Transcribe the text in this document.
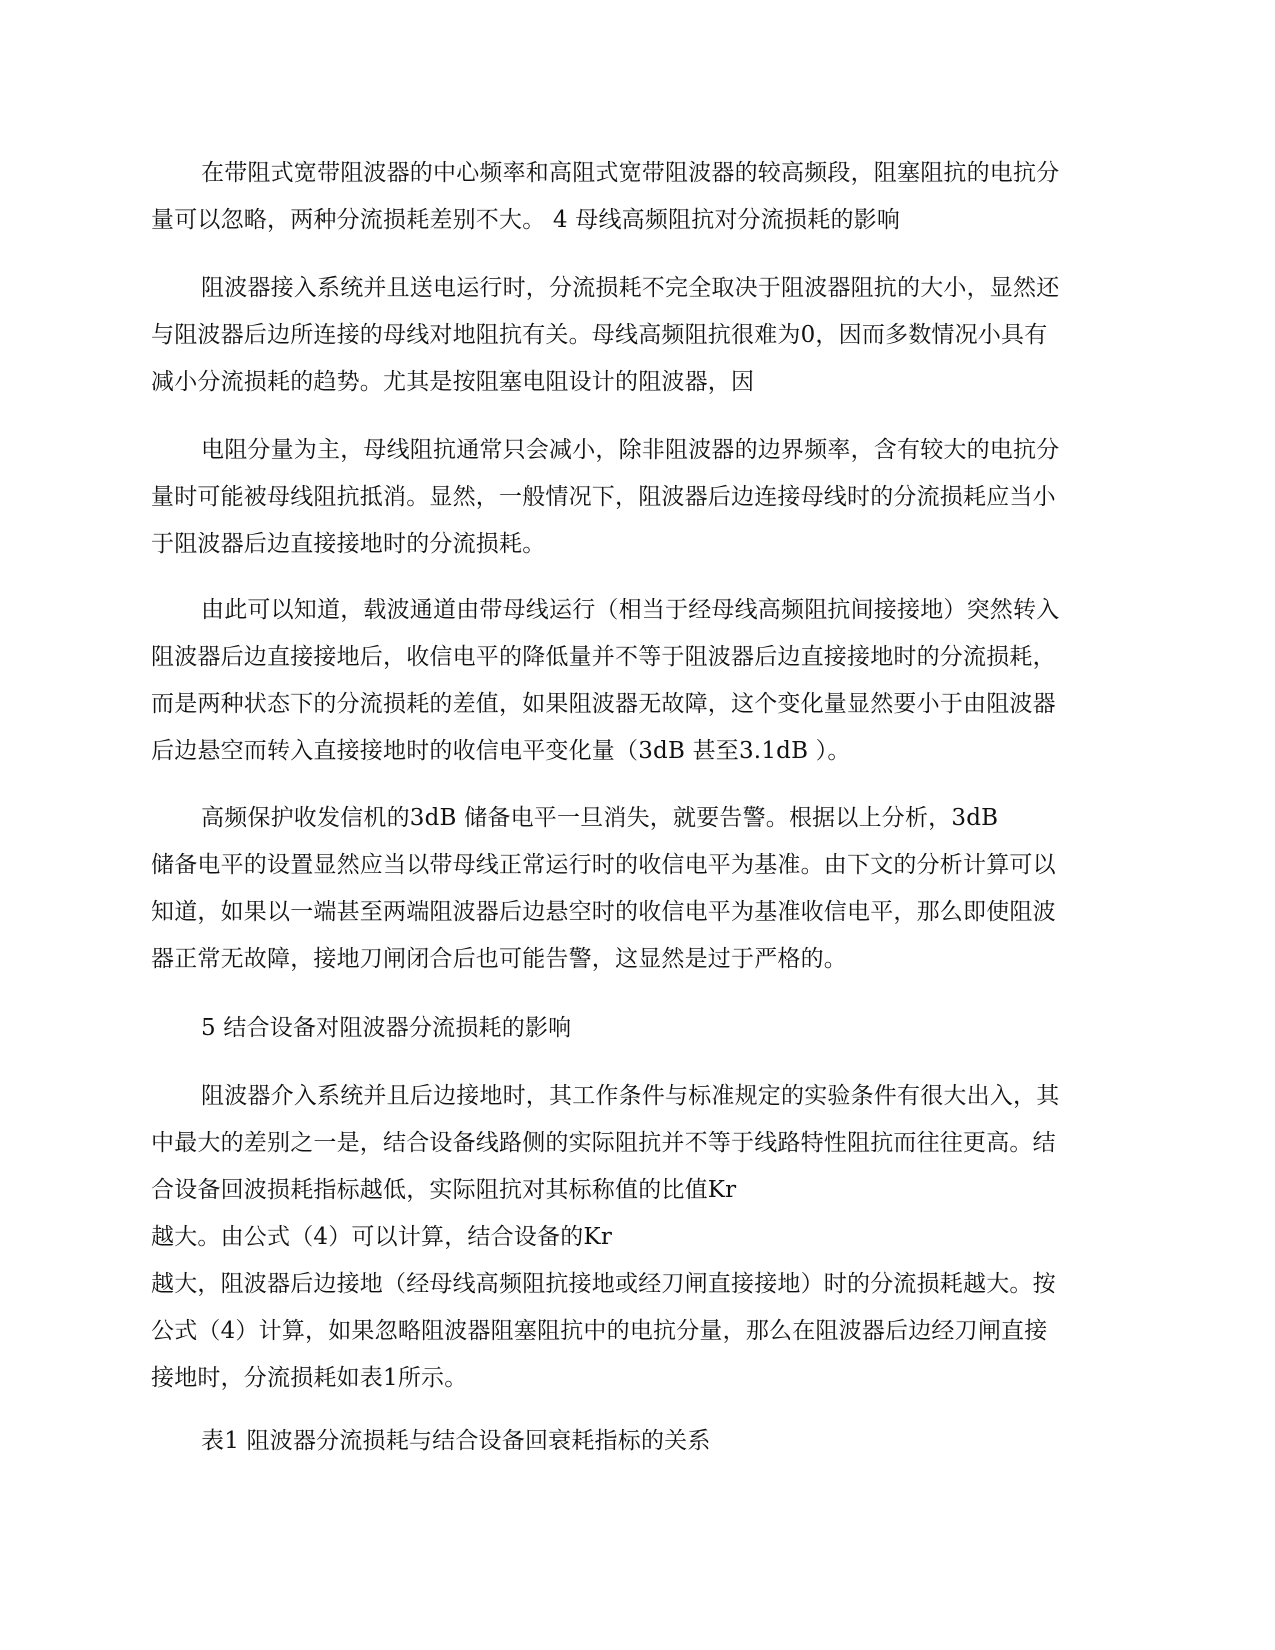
在带阻式宽带阻波器的中心频率和高阻式宽带阻波器的较高频段，阻塞阻抗的电抗分
量可以忽略，两种分流损耗差别不大。 4 母线高频阻抗对分流损耗的影响
阻波器接入系统并且送电运行时，分流损耗不完全取决于阻波器阻抗的大小，显然还
与阻波器后边所连接的母线对地阻抗有关。母线高频阻抗很难为0，因而多数情况小具有
减小分流损耗的趋势。尤其是按阻塞电阻设计的阻波器，因
电阻分量为主，母线阻抗通常只会减小，除非阻波器的边界频率，含有较大的电抗分
量时可能被母线阻抗抵消。显然，一般情况下，阻波器后边连接母线时的分流损耗应当小
于阻波器后边直接接地时的分流损耗。
由此可以知道，载波通道由带母线运行（相当于经母线高频阻抗间接接地）突然转入
阻波器后边直接接地后，收信电平的降低量并不等于阻波器后边直接接地时的分流损耗，
而是两种状态下的分流损耗的差值，如果阻波器无故障，这个变化量显然要小于由阻波器
后边悬空而转入直接接地时的收信电平变化量（3dB 甚至3.1dB ）。
高频保护收发信机的3dB 储备电平一旦消失，就要告警。根据以上分析，3dB
储备电平的设置显然应当以带母线正常运行时的收信电平为基准。由下文的分析计算可以
知道，如果以一端甚至两端阻波器后边悬空时的收信电平为基准收信电平，那么即使阻波
器正常无故障，接地刀闸闭合后也可能告警，这显然是过于严格的。
5 结合设备对阻波器分流损耗的影响
阻波器介入系统并且后边接地时，其工作条件与标准规定的实验条件有很大出入，其
中最大的差别之一是，结合设备线路侧的实际阻抗并不等于线路特性阻抗而往往更高。结
合设备回波损耗指标越低，实际阻抗对其标称值的比值Kr
越大。由公式（4）可以计算，结合设备的Kr
越大，阻波器后边接地（经母线高频阻抗接地或经刀闸直接接地）时的分流损耗越大。按
公式（4）计算，如果忽略阻波器阻塞阻抗中的电抗分量，那么在阻波器后边经刀闸直接
接地时，分流损耗如表1所示。
表1 阻波器分流损耗与结合设备回衰耗指标的关系
